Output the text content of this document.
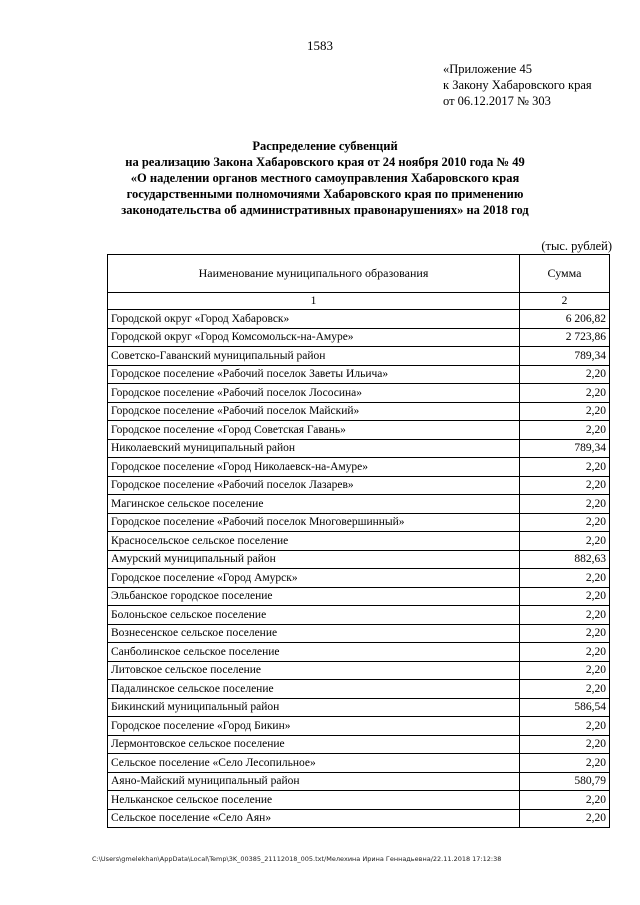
1583
«Приложение 45
к Закону Хабаровского края
от 06.12.2017 № 303
Распределение субвенций
на реализацию Закона Хабаровского края от 24 ноября 2010 года № 49
«О наделении органов местного самоуправления Хабаровского края
государственными полномочиями Хабаровского края по применению
законодательства об административных правонарушениях» на 2018 год
(тыс. рублей)
Наименование муниципального образования	Сумма
1	2
Городской округ «Город Хабаровск»	6 206,82
Городской округ «Город Комсомольск-на-Амуре»	2 723,86
Советско-Гаванский муниципальный район	789,34
Городское поселение «Рабочий поселок Заветы Ильича»	2,20
Городское поселение «Рабочий поселок Лососина»	2,20
Городское поселение «Рабочий поселок Майский»	2,20
Городское поселение «Город Советская Гавань»	2,20
Николаевский муниципальный район	789,34
Городское поселение «Город Николаевск-на-Амуре»	2,20
Городское поселение «Рабочий поселок Лазарев»	2,20
Магинское сельское поселение	2,20
Городское поселение «Рабочий поселок Многовершинный»	2,20
Красносельское сельское поселение	2,20
Амурский муниципальный район	882,63
Городское поселение «Город Амурск»	2,20
Эльбанское городское поселение	2,20
Болоньское сельское поселение	2,20
Вознесенское сельское поселение	2,20
Санболинское сельское поселение	2,20
Литовское сельское поселение	2,20
Падалинское сельское поселение	2,20
Бикинский муниципальный район	586,54
Городское поселение «Город Бикин»	2,20
Лермонтовское сельское поселение	2,20
Сельское поселение «Село Лесопильное»	2,20
Аяно-Майский муниципальный район	580,79
Нельканское сельское поселение	2,20
Сельское поселение «Село Аян»	2,20
C:\Users\gmelekhan\AppData\Local\Temp\3K_00385_21112018_005.txt/Мелехина Ирина Геннадьевна/22.11.2018 17:12:38
